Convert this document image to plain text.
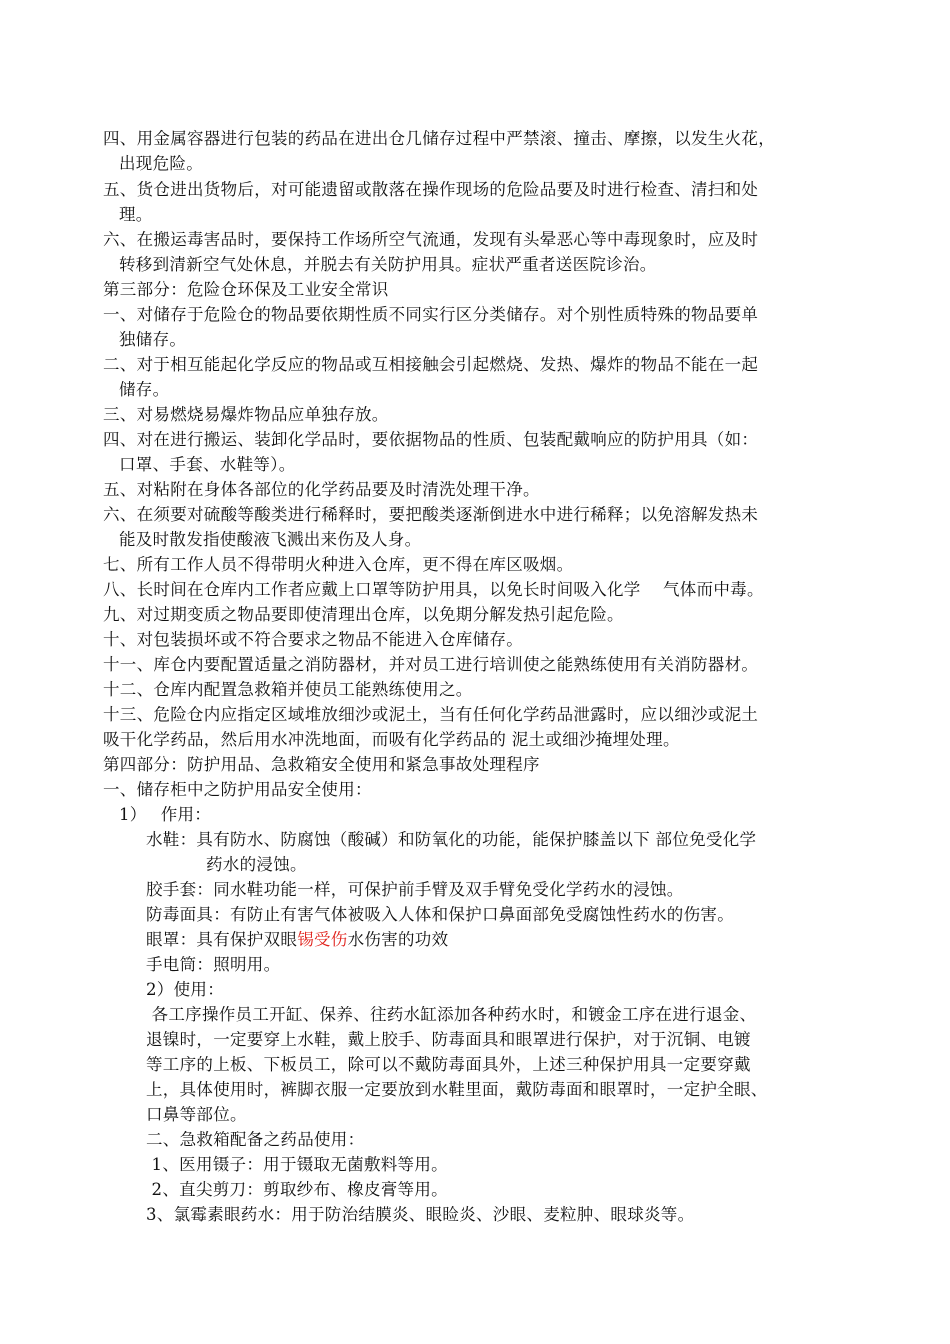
四、用金属容器进行包装的药品在进出仓几储存过程中严禁滚、撞击、摩擦，以发生火花，
出现危险。
五、货仓进出货物后，对可能遗留或散落在操作现场的危险品要及时进行检查、清扫和处
理。
六、在搬运毒害品时，要保持工作场所空气流通，发现有头晕恶心等中毒现象时，应及时
转移到清新空气处休息，并脱去有关防护用具。症状严重者送医院诊治。
第三部分：危险仓环保及工业安全常识
一、对储存于危险仓的物品要依期性质不同实行区分类储存。对个别性质特殊的物品要单
独储存。
二、对于相互能起化学反应的物品或互相接触会引起燃烧、发热、爆炸的物品不能在一起
储存。
三、对易燃烧易爆炸物品应单独存放。
四、对在进行搬运、装卸化学品时，要依据物品的性质、包装配戴响应的防护用具（如：
口罩、手套、水鞋等）。
五、对粘附在身体各部位的化学药品要及时清洗处理干净。
六、在须要对硫酸等酸类进行稀释时，要把酸类逐渐倒进水中进行稀释；以免溶解发热未
能及时散发指使酸液飞溅出来伤及人身。
七、所有工作人员不得带明火种进入仓库，更不得在库区吸烟。
八、长时间在仓库内工作者应戴上口罩等防护用具，以免长时间吸入化学　 气体而中毒。
九、对过期变质之物品要即使清理出仓库，以免期分解发热引起危险。
十、对包装损坏或不符合要求之物品不能进入仓库储存。
十一、库仓内要配置适量之消防器材，并对员工进行培训使之能熟练使用有关消防器材。
十二、仓库内配置急救箱并使员工能熟练使用之。
十三、危险仓内应指定区域堆放细沙或泥土，当有任何化学药品泄露时，应以细沙或泥土
吸干化学药品，然后用水冲洗地面，而吸有化学药品的 泥土或细沙掩埋处理。
第四部分：防护用品、急救箱安全使用和紧急事故处理程序
一、储存柜中之防护用品安全使用：
1）　 作用：
水鞋：具有防水、防腐蚀（酸碱）和防氧化的功能，能保护膝盖以下 部位免受化学
药水的浸蚀。
胶手套：同水鞋功能一样，可保护前手臂及双手臂免受化学药水的浸蚀。
防毒面具：有防止有害气体被吸入人体和保护口鼻面部免受腐蚀性药水的伤害。
眼罩：具有保护双眼锡受伤水伤害的功效
手电筒：照明用。
2）使用：
各工序操作员工开缸、保养、往药水缸添加各种药水时，和镀金工序在进行退金、
退镍时，一定要穿上水鞋，戴上胶手、防毒面具和眼罩进行保护，对于沉铜、电镀
等工序的上板、下板员工，除可以不戴防毒面具外，上述三种保护用具一定要穿戴
上，具体使用时，裤脚衣服一定要放到水鞋里面，戴防毒面和眼罩时，一定护全眼、
口鼻等部位。
二、急救箱配备之药品使用：
1、医用镊子：用于镊取无菌敷料等用。
2、直尖剪刀：剪取纱布、橡皮膏等用。
3、氯霉素眼药水：用于防治结膜炎、眼睑炎、沙眼、麦粒肿、眼球炎等。
